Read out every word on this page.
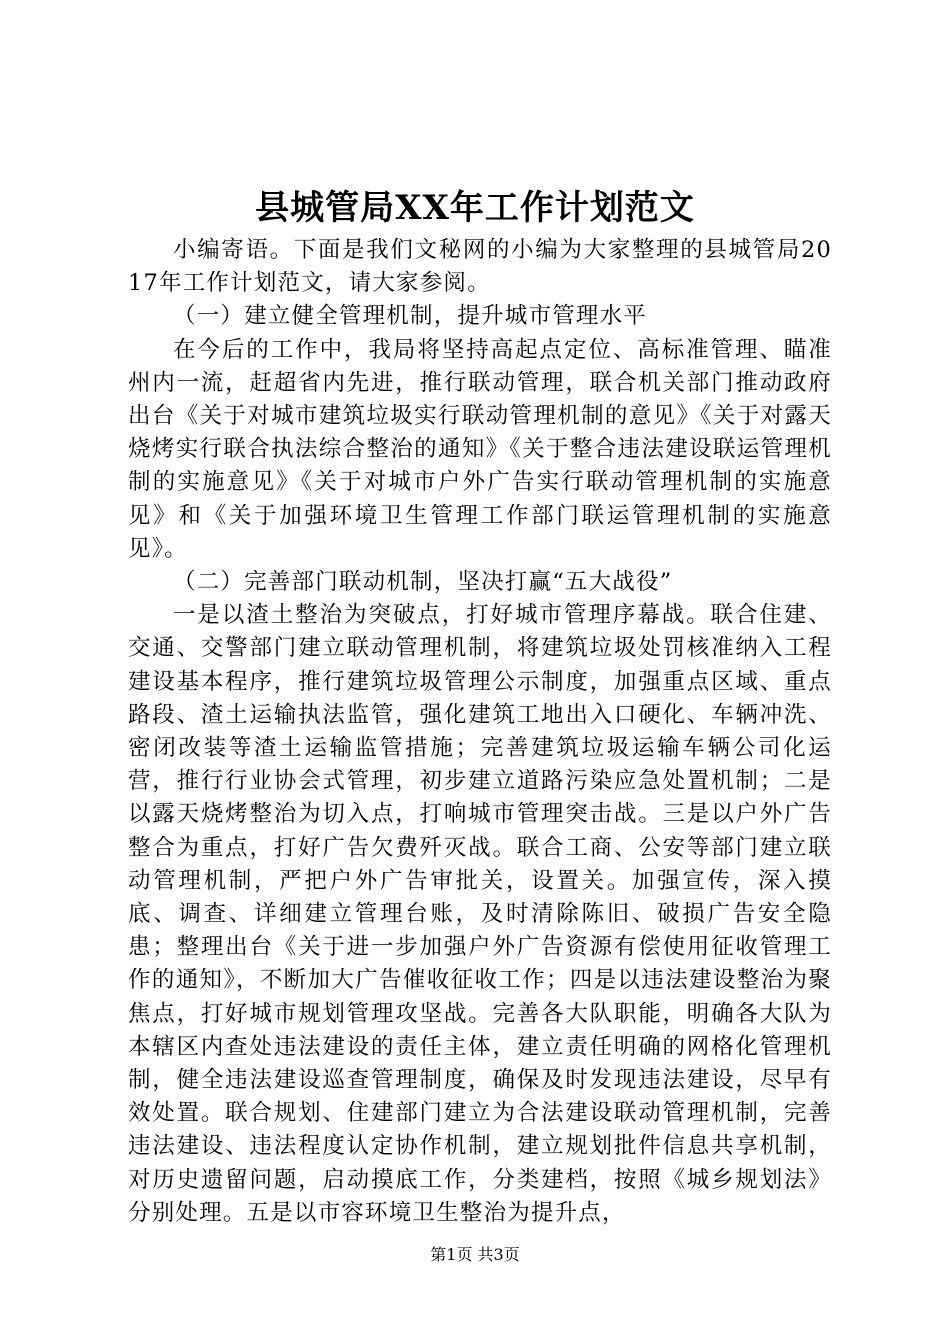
县城管局XX年工作计划范文

小编寄语。下面是我们文秘网的小编为大家整理的县城管局2017年工作计划范文，请大家参阅。

（一）建立健全管理机制，提升城市管理水平

在今后的工作中，我局将坚持高起点定位、高标准管理、瞄准州内一流，赶超省内先进，推行联动管理，联合机关部门推动政府出台《关于对城市建筑垃圾实行联动管理机制的意见》《关于对露天烧烤实行联合执法综合整治的通知》《关于整合违法建设联运管理机制的实施意见》《关于对城市户外广告实行联动管理机制的实施意见》和《关于加强环境卫生管理工作部门联运管理机制的实施意见》。

（二）完善部门联动机制，坚决打赢“五大战役”

一是以渣土整治为突破点，打好城市管理序幕战。联合住建、交通、交警部门建立联动管理机制，将建筑垃圾处罚核准纳入工程建设基本程序，推行建筑垃圾管理公示制度，加强重点区域、重点路段、渣土运输执法监管，强化建筑工地出入口硬化、车辆冲洗、密闭改装等渣土运输监管措施；完善建筑垃圾运输车辆公司化运营，推行行业协会式管理，初步建立道路污染应急处置机制；二是以露天烧烤整治为切入点，打响城市管理突击战。三是以户外广告整合为重点，打好广告欠费歼灭战。联合工商、公安等部门建立联动管理机制，严把户外广告审批关，设置关。加强宣传，深入摸底、调查、详细建立管理台账，及时清除陈旧、破损广告安全隐患；整理出台《关于进一步加强户外广告资源有偿使用征收管理工作的通知》，不断加大广告催收征收工作；四是以违法建设整治为聚焦点，打好城市规划管理攻坚战。完善各大队职能，明确各大队为本辖区内查处违法建设的责任主体，建立责任明确的网格化管理机制，健全违法建设巡查管理制度，确保及时发现违法建设，尽早有效处置。联合规划、住建部门建立为合法建设联动管理机制，完善违法建设、违法程度认定协作机制，建立规划批件信息共享机制，对历史遗留问题，启动摸底工作，分类建档，按照《城乡规划法》分别处理。五是以市容环境卫生整治为提升点，

第1页 共3页
